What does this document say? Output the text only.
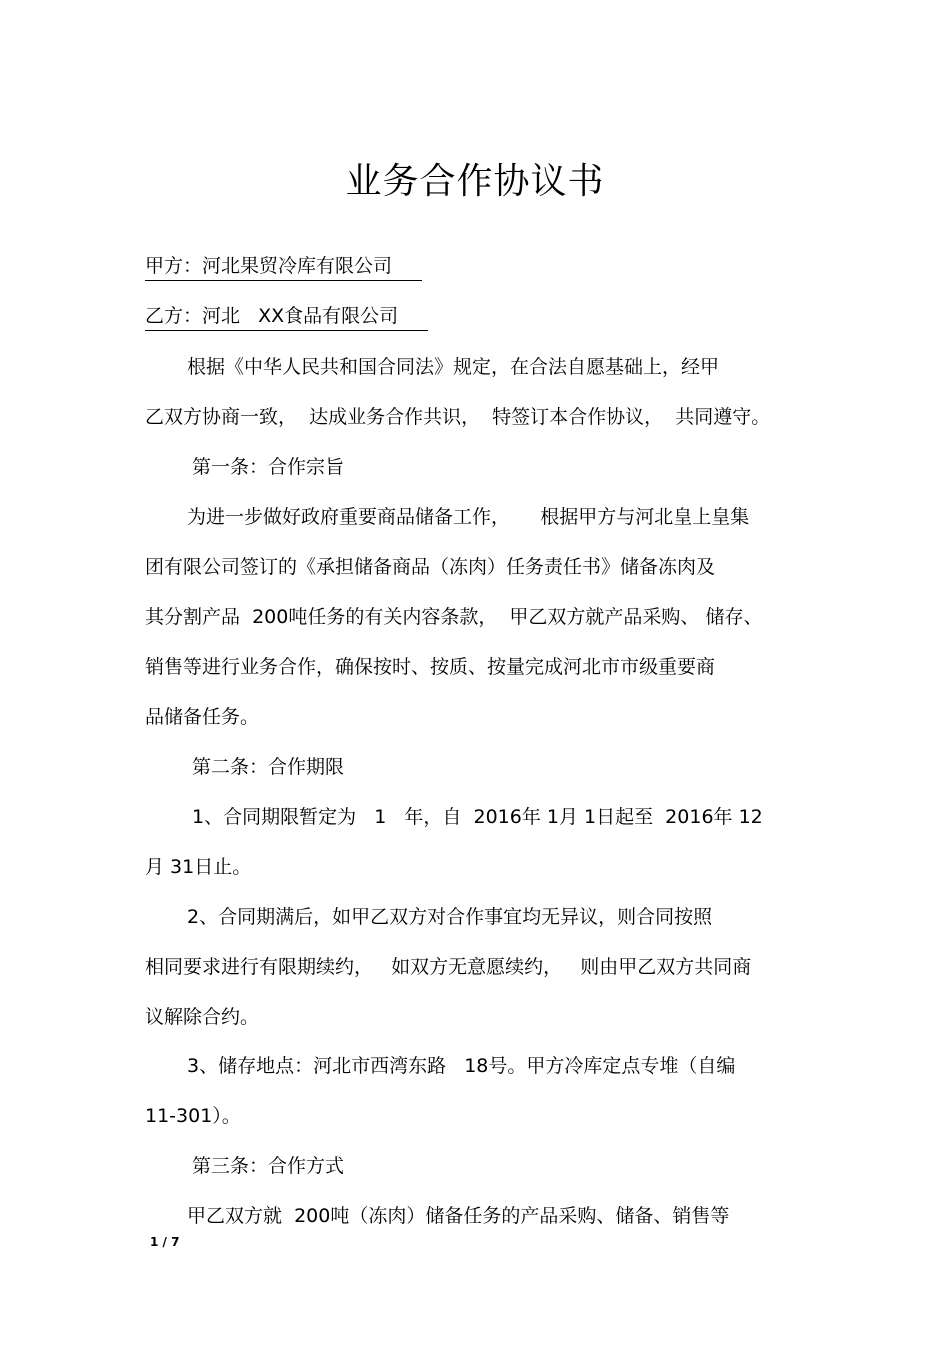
业务合作协议书
甲方：河北果贸冷库有限公司
乙方：河北   XX食品有限公司
根据《中华人民共和国合同法》规定，在合法自愿基础上，经甲
乙双方协商一致，  达成业务合作共识，  特签订本合作协议，  共同遵守。
第一条：合作宗旨
为进一步做好政府重要商品储备工作，     根据甲方与河北皇上皇集
团有限公司签订的《承担储备商品（冻肉）任务责任书》储备冻肉及
其分割产品  200吨任务的有关内容条款，  甲乙双方就产品采购、 储存、
销售等进行业务合作，确保按时、按质、按量完成河北市市级重要商
品储备任务。
第二条：合作期限
1、合同期限暂定为   1   年，自  2016年 1月 1日起至  2016年 12
月 31日止。
2、合同期满后，如甲乙双方对合作事宜均无异议，则合同按照
相同要求进行有限期续约，   如双方无意愿续约，   则由甲乙双方共同商
议解除合约。
3、储存地点：河北市西湾东路   18号。甲方冷库定点专堆（自编
11-301）。
第三条：合作方式
甲乙双方就  200吨（冻肉）储备任务的产品采购、储备、销售等
1 / 7
